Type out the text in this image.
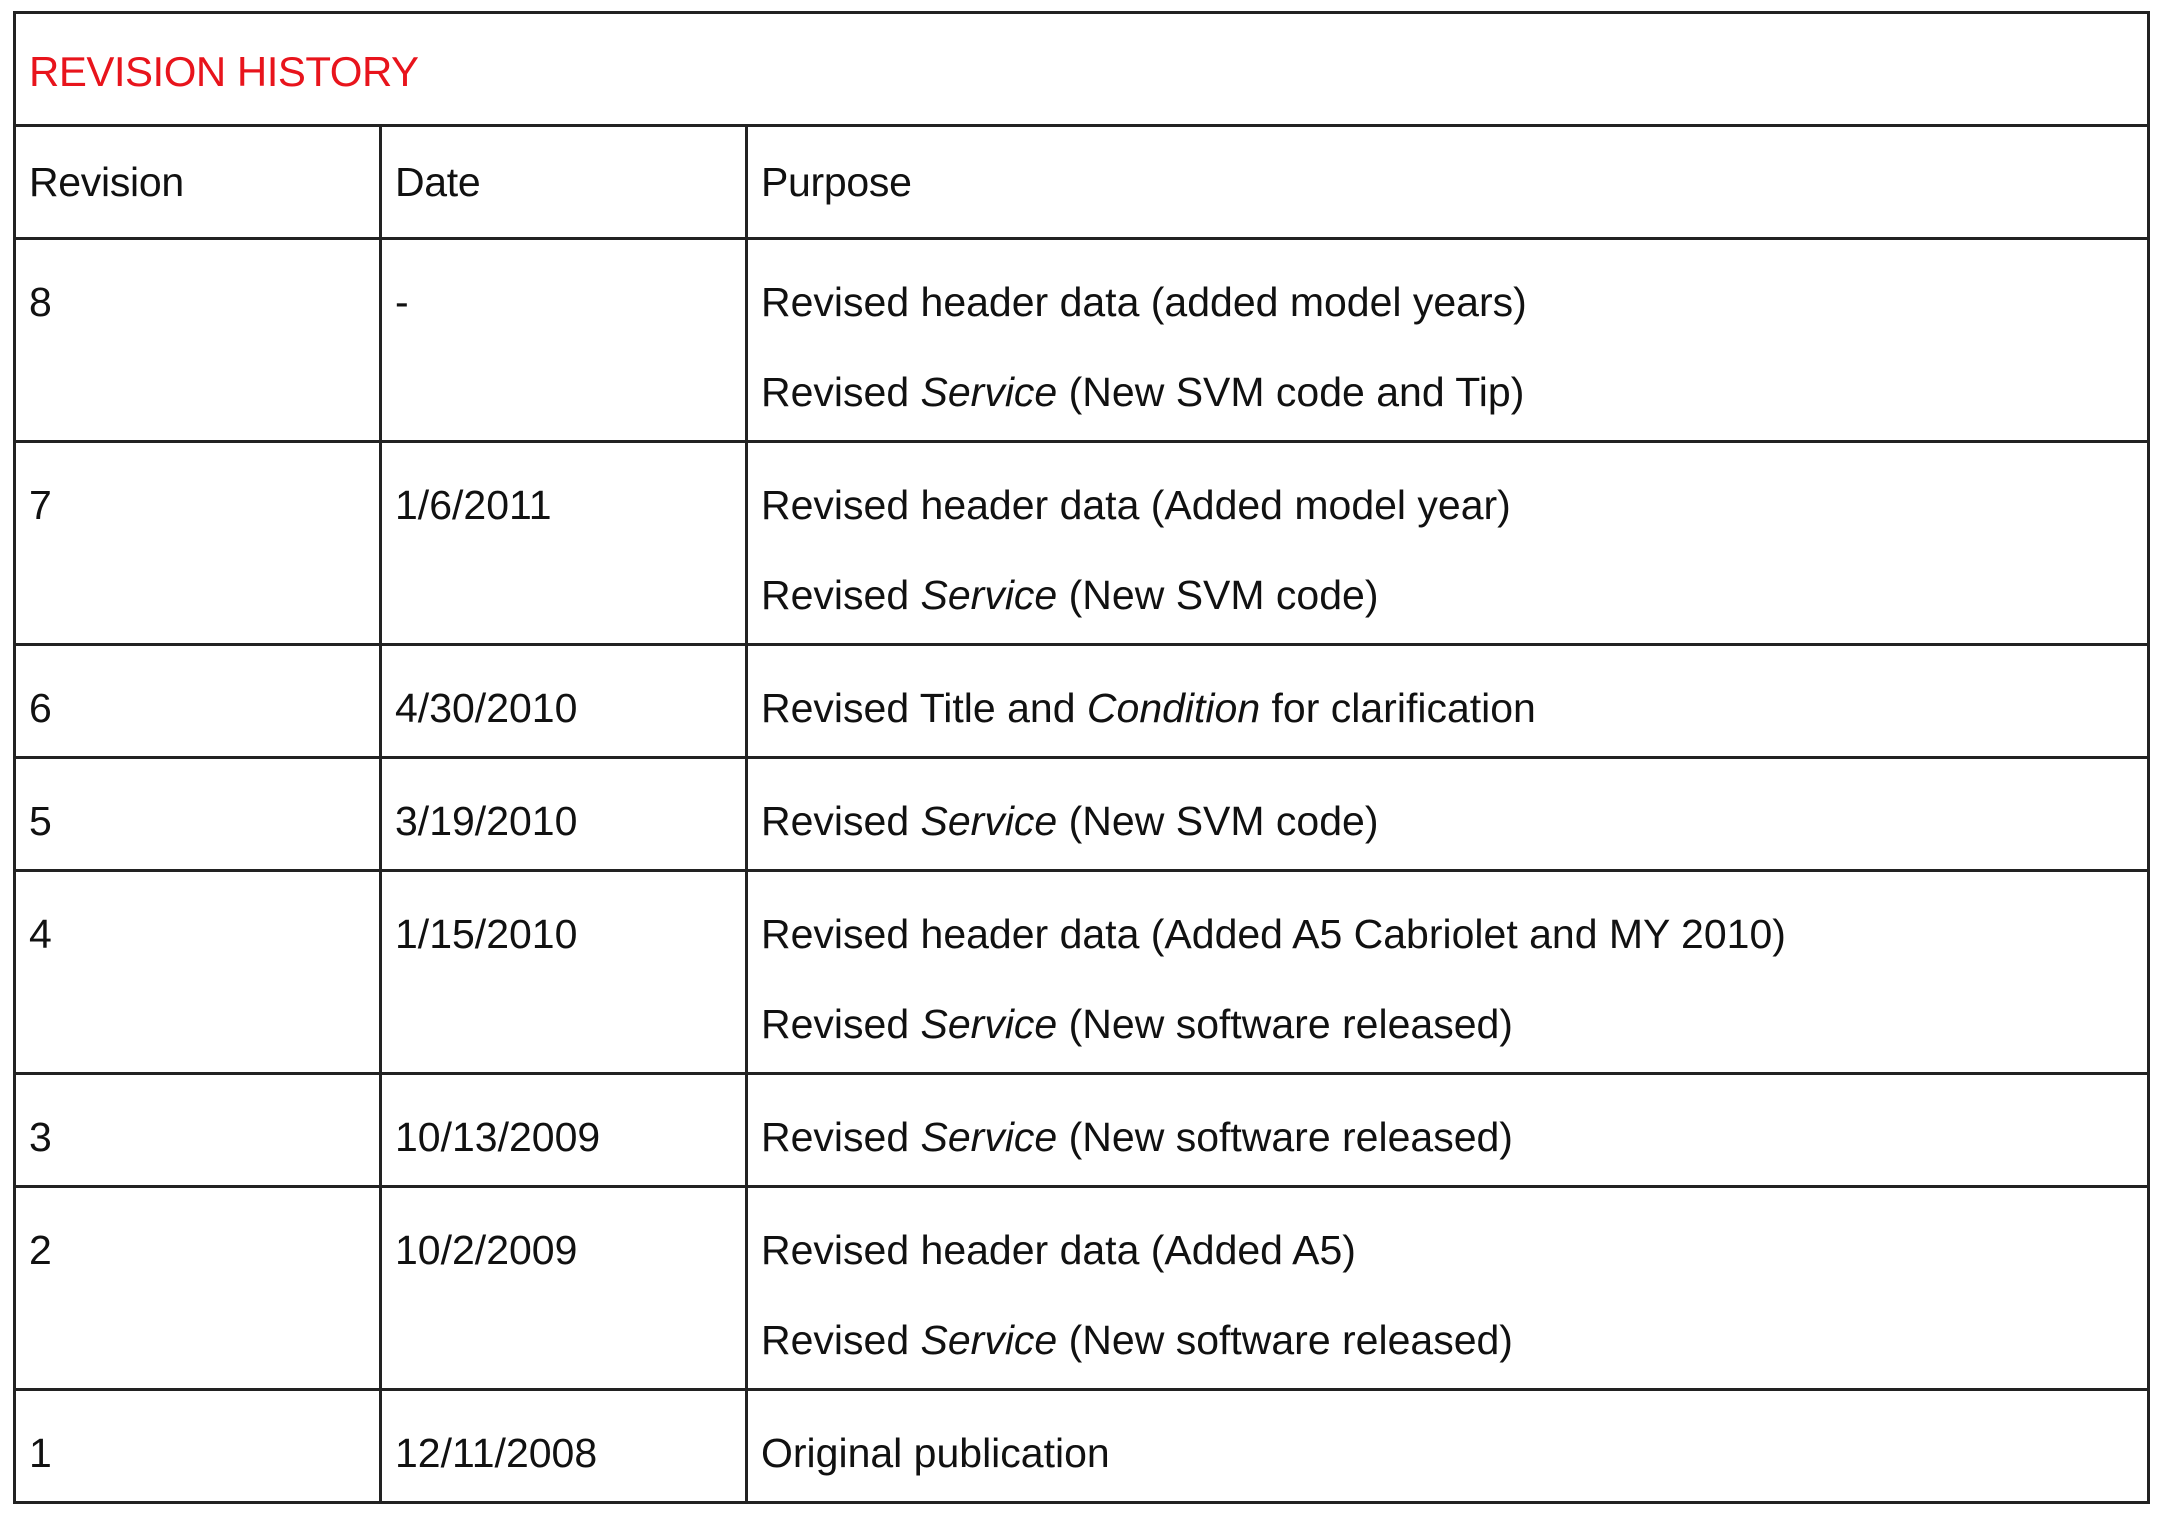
REVISION HISTORY		
Revision	Date	Purpose

8	-	Revised header data (added model years)
Revised Service (New SVM code and Tip)

7	1/6/2011	Revised header data (Added model year)
Revised Service (New SVM code)

6	4/30/2010	Revised Title and Condition for clarification

5	3/19/2010	Revised Service (New SVM code)

4	1/15/2010	Revised header data (Added A5 Cabriolet and MY 2010)
Revised Service (New software released)

3	10/13/2009	Revised Service (New software released)

2	10/2/2009	Revised header data (Added A5)
Revised Service (New software released)

1	12/11/2008	Original publication
